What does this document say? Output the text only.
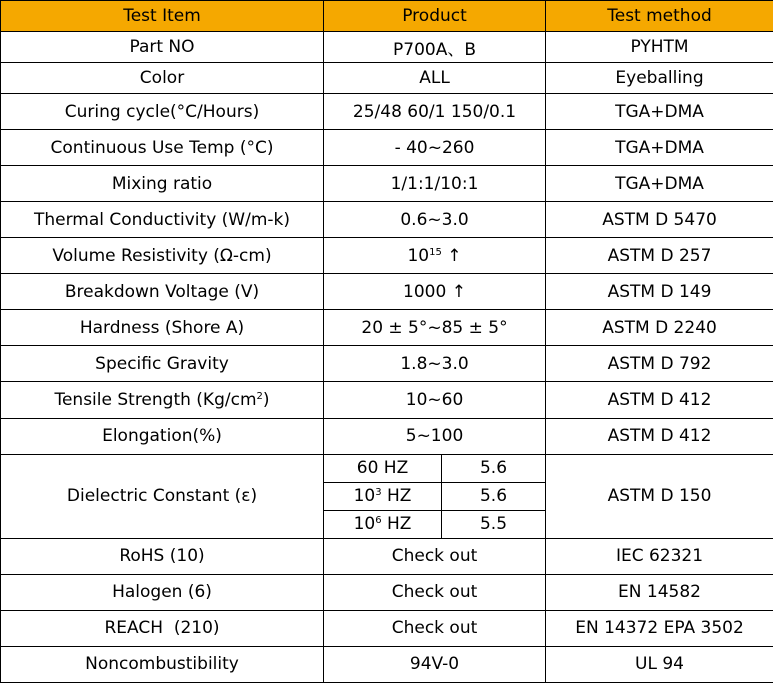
Test Item	Product		Test method
Part NO	P700A、B		PYHTM
Color	ALL		Eyeballing
Curing cycle(°C/Hours)	25/48 60/1 150/0.1		TGA+DMA
Continuous Use Temp (°C)	- 40~260		TGA+DMA
Mixing ratio	1/1:1/10:1		TGA+DMA
Thermal Conductivity (W/m-k)	0.6~3.0		ASTM D 5470
Volume Resistivity (Ω-cm)	$10^{15}$ ↑		ASTM D 257
Breakdown Voltage (V)	1000 ↑		ASTM D 149
Hardness (Shore A)	20 ± 5°~85 ± 5°		ASTM D 2240
Specific Gravity	1.8~3.0		ASTM D 792
Tensile Strength $(Kg/cm^2)$	10~60		ASTM D 412
Elongation(%)	5~100		ASTM D 412
Dielectric Constant (ε)	60 HZ	5.6	ASTM D 150
	$10^3$ HZ	5.6	
	$10^6$ HZ	5.5	
RoHS (10)	Check out		IEC 62321
Halogen (6)	Check out		EN 14582
REACH  (210)	Check out		EN 14372 EPA 3502
Noncombustibility	94V-0		UL 94
